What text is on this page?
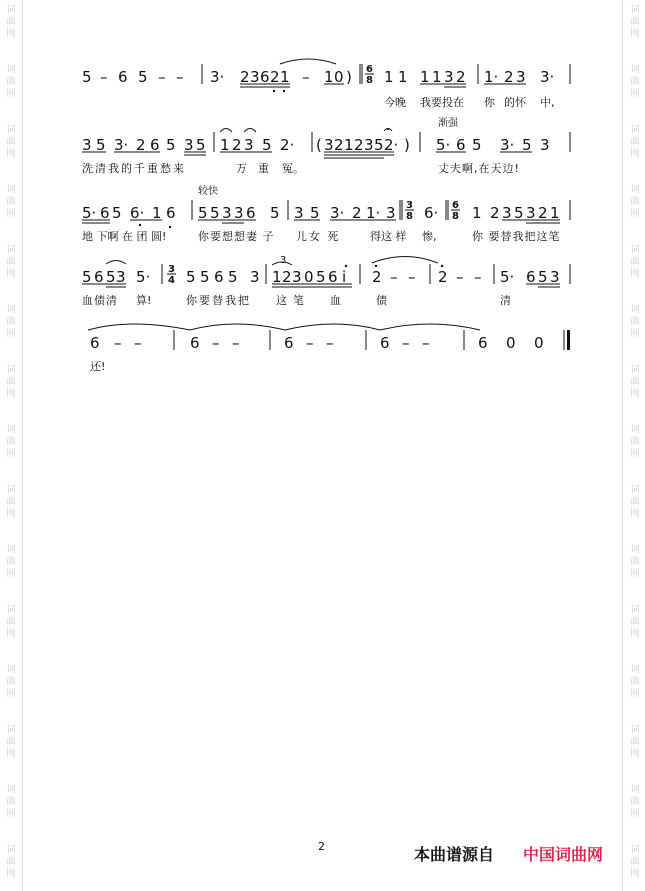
词
曲
网
词
曲
网
词
曲
网
词
曲
网
词
曲
网
词
曲
网
词
曲
网
词
曲
网
词
曲
网
词
曲
网
词
曲
网
词
曲
网
词
曲
网
词
曲
网
词
曲
网
词
曲
网
词
曲
网
词
曲
网
词
曲
网
词
曲
网
词
曲
网
词
曲
网
词
曲
网
词
曲
网
词
曲
网
词
曲
网
词
曲
网
词
曲
网
词
曲
网
词
曲
网
渐强
较快
5 – 6 5 – – 3· 2 3 6 2 1 – 1 0 ) 6
8 1 1 1 1 3 2 1· 2 3 3·
今晚 我要投在 你 的怀 中,
3 5 3· 2 6 5 3 5 1 2 3 5 2· ( 3 2 1 2 3 5 2· ) 5· 6 5 3· 5 3
洗清我的千重愁来	万 重 冤。	丈夫啊,在天边!
5· 6 5 6· 1 6 5 5 3 3 6 5 3 5 3· 2 1· 3 3
8 6· 6
8 1 2 3 5 3 2 1
地 下啊 在 团 圆!	你要想想妻 子 儿女 死	得这 样 惨,	你 要替我把这笔
5 6 5 3 5· 3
4 5 5 6 5 3 1 2 3 0 5 6 i
3
2 – – 2 – – 5· 6 5 3
血债清 算!	你要替我把 这笔 血	债	清
6 – –	6 – –	6 – –	6 – –	6 0 0
还!
2	本曲谱源自 中国词曲网
